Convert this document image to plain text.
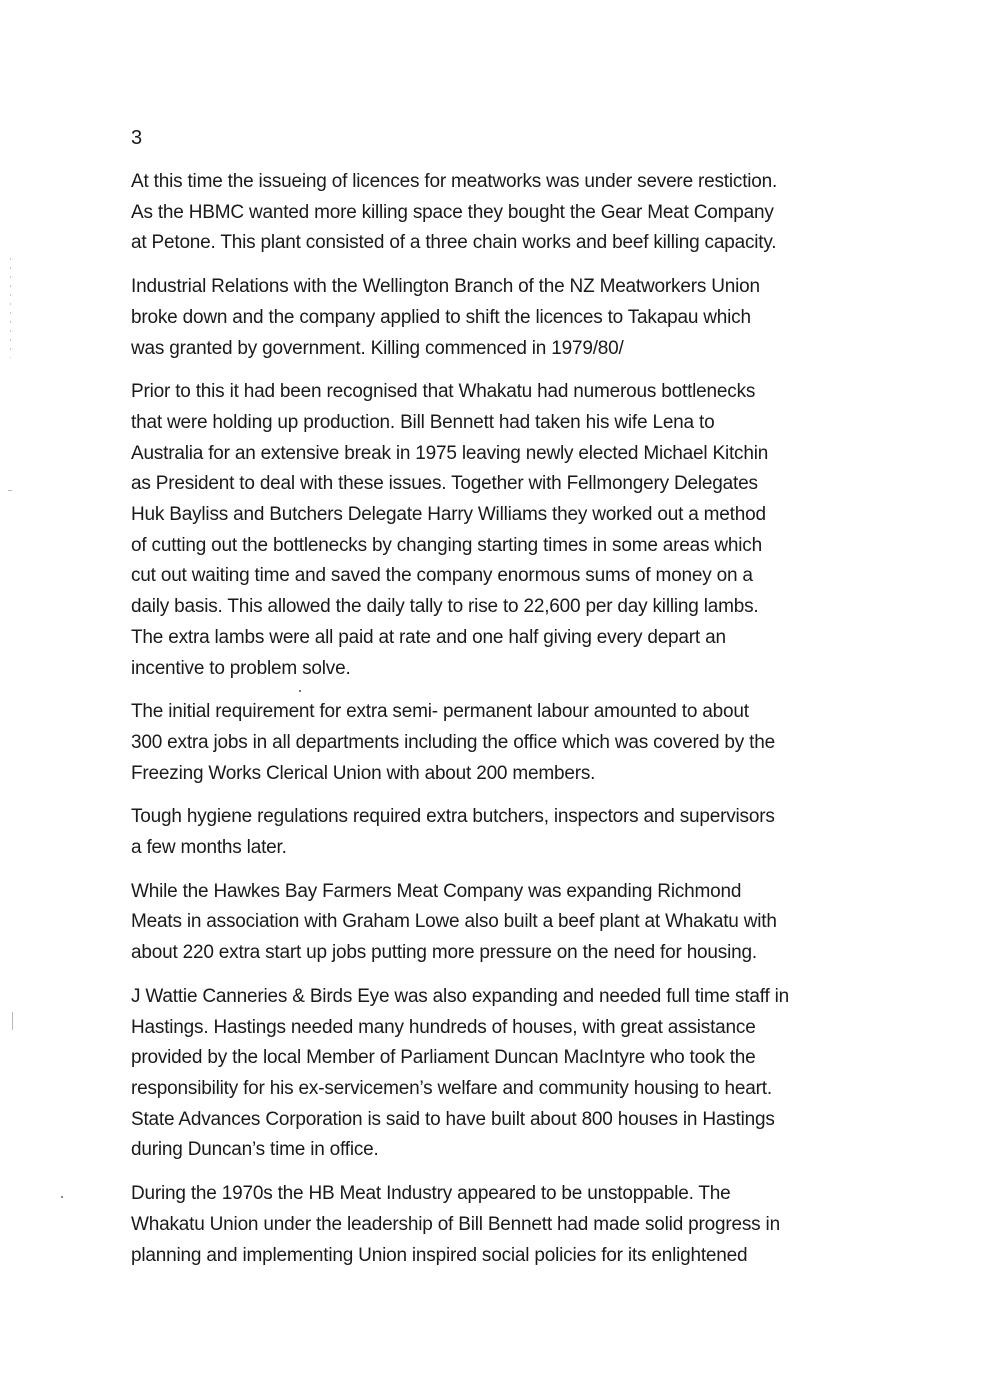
3

At this time the issueing of licences for meatworks was under severe restiction.
As the HBMC wanted more killing space they bought the Gear Meat Company
at Petone. This plant consisted of a three chain works and beef killing capacity.

Industrial Relations with the Wellington Branch of the NZ Meatworkers Union
broke down and the company applied to shift the licences to Takapau which
was granted by government. Killing commenced in 1979/80/

Prior to this it had been recognised that Whakatu had numerous bottlenecks
that were holding up production. Bill Bennett had taken his wife Lena to
Australia for an extensive break in 1975 leaving newly elected Michael Kitchin
as President to deal with these issues. Together with Fellmongery Delegates
Huk Bayliss and Butchers Delegate Harry Williams they worked out a method
of cutting out the bottlenecks by changing starting times in some areas which
cut out waiting time and saved the company enormous sums of money on a
daily basis. This allowed the daily tally to rise to 22,600 per day killing lambs.
The extra lambs were all paid at rate and one half giving every depart an
incentive to problem solve.

The initial requirement for extra semi- permanent labour amounted to about
300 extra jobs in all departments including the office which was covered by the
Freezing Works Clerical Union with about 200 members.

Tough hygiene regulations required extra butchers, inspectors and supervisors
a few months later.

While the Hawkes Bay Farmers Meat Company was expanding Richmond
Meats in association with Graham Lowe also built a beef plant at Whakatu with
about 220 extra start up jobs putting more pressure on the need for housing.

J Wattie Canneries & Birds Eye was also expanding and needed full time staff in
Hastings. Hastings needed many hundreds of houses, with great assistance
provided by the local Member of Parliament Duncan MacIntyre who took the
responsibility for his ex-servicemen’s welfare and community housing to heart.
State Advances Corporation is said to have built about 800 houses in Hastings
during Duncan’s time in office.

During the 1970s the HB Meat Industry appeared to be unstoppable. The
Whakatu Union under the leadership of Bill Bennett had made solid progress in
planning and implementing Union inspired social policies for its enlightened
